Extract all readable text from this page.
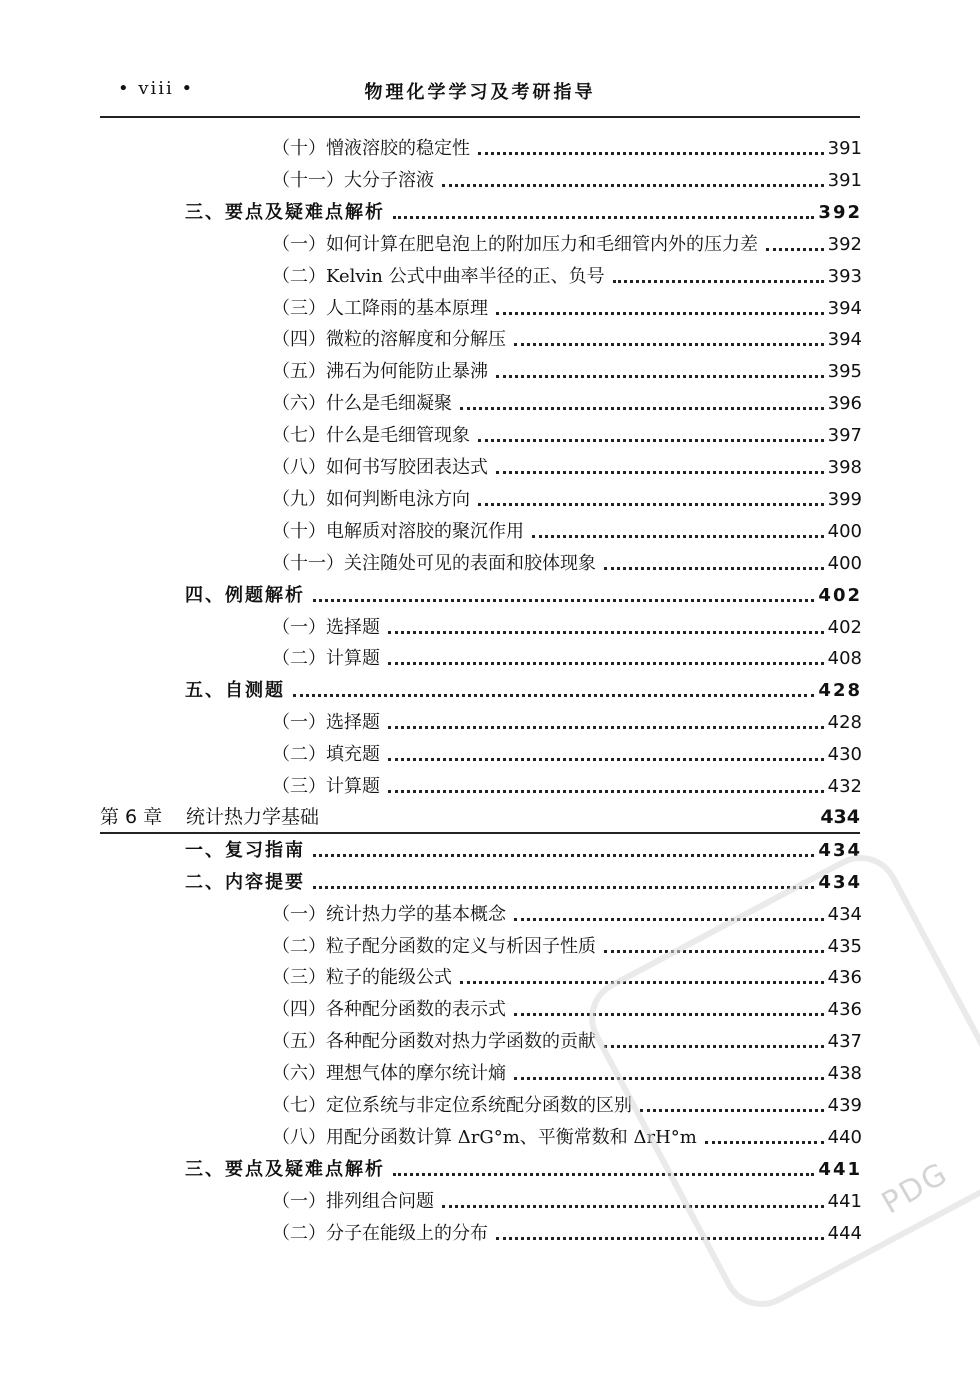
• viii •	物理化学学习及考研指导
（十）憎液溶胶的稳定性	391
（十一）大分子溶液	391
三、要点及疑难点解析	392
（一）如何计算在肥皂泡上的附加压力和毛细管内外的压力差	392
（二）Kelvin 公式中曲率半径的正、负号	393
（三）人工降雨的基本原理	394
（四）微粒的溶解度和分解压	394
（五）沸石为何能防止暴沸	395
（六）什么是毛细凝聚	396
（七）什么是毛细管现象	397
（八）如何书写胶团表达式	398
（九）如何判断电泳方向	399
（十）电解质对溶胶的聚沉作用	400
（十一）关注随处可见的表面和胶体现象	400
四、例题解析	402
（一）选择题	402
（二）计算题	408
五、自测题	428
（一）选择题	428
（二）填充题	430
（三）计算题	432
第 6 章	统计热力学基础	434
一、复习指南	434
二、内容提要	434
（一）统计热力学的基本概念	434
（二）粒子配分函数的定义与析因子性质	435
（三）粒子的能级公式	436
（四）各种配分函数的表示式	436
（五）各种配分函数对热力学函数的贡献	437
（六）理想气体的摩尔统计熵	438
（七）定位系统与非定位系统配分函数的区别	439
（八）用配分函数计算 ΔrG°m、平衡常数和 ΔrH°m	440
三、要点及疑难点解析	441
（一）排列组合问题	441
（二）分子在能级上的分布	444
PDG
